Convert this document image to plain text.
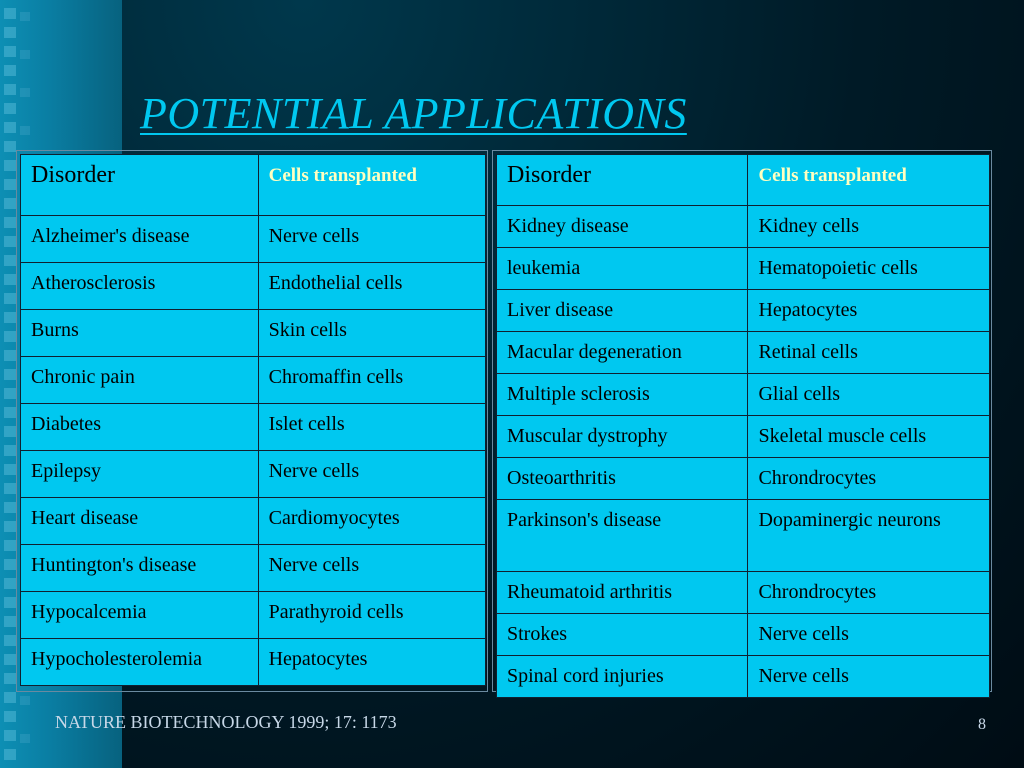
POTENTIAL APPLICATIONS
Disorder	Cells transplanted
Alzheimer's disease	Nerve cells
Atherosclerosis	Endothelial cells
Burns	Skin cells
Chronic pain	Chromaffin cells
Diabetes	Islet cells
Epilepsy	Nerve cells
Heart disease	Cardiomyocytes
Huntington's disease	Nerve cells
Hypocalcemia	Parathyroid cells
Hypocholesterolemia	Hepatocytes
Disorder	Cells transplanted
Kidney disease	Kidney cells
leukemia	Hematopoietic cells
Liver disease	Hepatocytes
Macular degeneration	Retinal cells
Multiple sclerosis	Glial cells
Muscular dystrophy	Skeletal muscle cells
Osteoarthritis	Chrondrocytes
Parkinson's disease	Dopaminergic neurons
Rheumatoid arthritis	Chrondrocytes
Strokes	Nerve cells
Spinal cord injuries	Nerve cells
NATURE BIOTECHNOLOGY 1999; 17: 1173	8
